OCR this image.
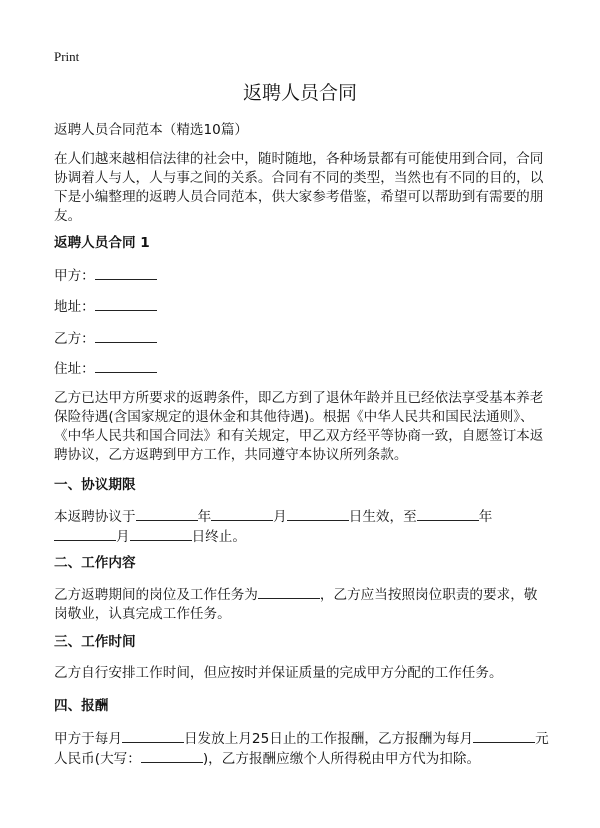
Print
返聘人员合同
返聘人员合同范本（精选10篇）
在人们越来越相信法律的社会中，随时随地，各种场景都有可能使用到合同，合同
协调着人与人，人与事之间的关系。合同有不同的类型，当然也有不同的目的，以
下是小编整理的返聘人员合同范本，供大家参考借鉴，希望可以帮助到有需要的朋
友。
返聘人员合同 1
甲方：
地址：
乙方：
住址：
乙方已达甲方所要求的返聘条件，即乙方到了退休年龄并且已经依法享受基本养老
保险待遇(含国家规定的退休金和其他待遇)。根据《中华人民共和国民法通则》、
《中华人民共和国合同法》和有关规定，甲乙双方经平等协商一致，自愿签订本返
聘协议，乙方返聘到甲方工作，共同遵守本协议所列条款。
一、协议期限
本返聘协议于	年	月	日生效，至	年
月	日终止。
二、工作内容
乙方返聘期间的岗位及工作任务为	，乙方应当按照岗位职责的要求，敬
岗敬业，认真完成工作任务。
三、工作时间
乙方自行安排工作时间，但应按时并保证质量的完成甲方分配的工作任务。
四、报酬
甲方于每月	日发放上月25日止的工作报酬，乙方报酬为每月	元
人民币(大写：	)，乙方报酬应缴个人所得税由甲方代为扣除。
